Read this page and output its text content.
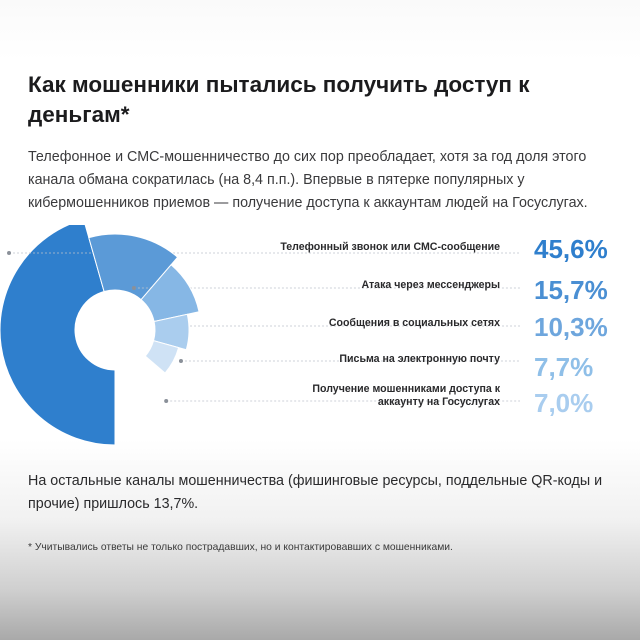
Как мошенники пытались получить доступ к деньгам*
Телефонное и СМС-мошенничество до сих пор преобладает, хотя за год доля этого канала обмана сократилась (на 8,4 п.п.). Впервые в пятерке популярных у кибермошенников приемов — получение доступа к аккаунтам людей на Госуслугах.
Телефонный звонок или СМС-сообщение
Атака через мессенджеры
Сообщения в социальных сетях
Письма на электронную почту
Получение мошенниками доступа к аккаунту на Госуслугах
45,6%
15,7%
10,3%
7,7%
7,0%
На остальные каналы мошенничества (фишинговые ресурсы, поддельные QR-коды и прочие) пришлось 13,7%.
* Учитывались ответы не только пострадавших, но и контактировавших с мошенниками.
